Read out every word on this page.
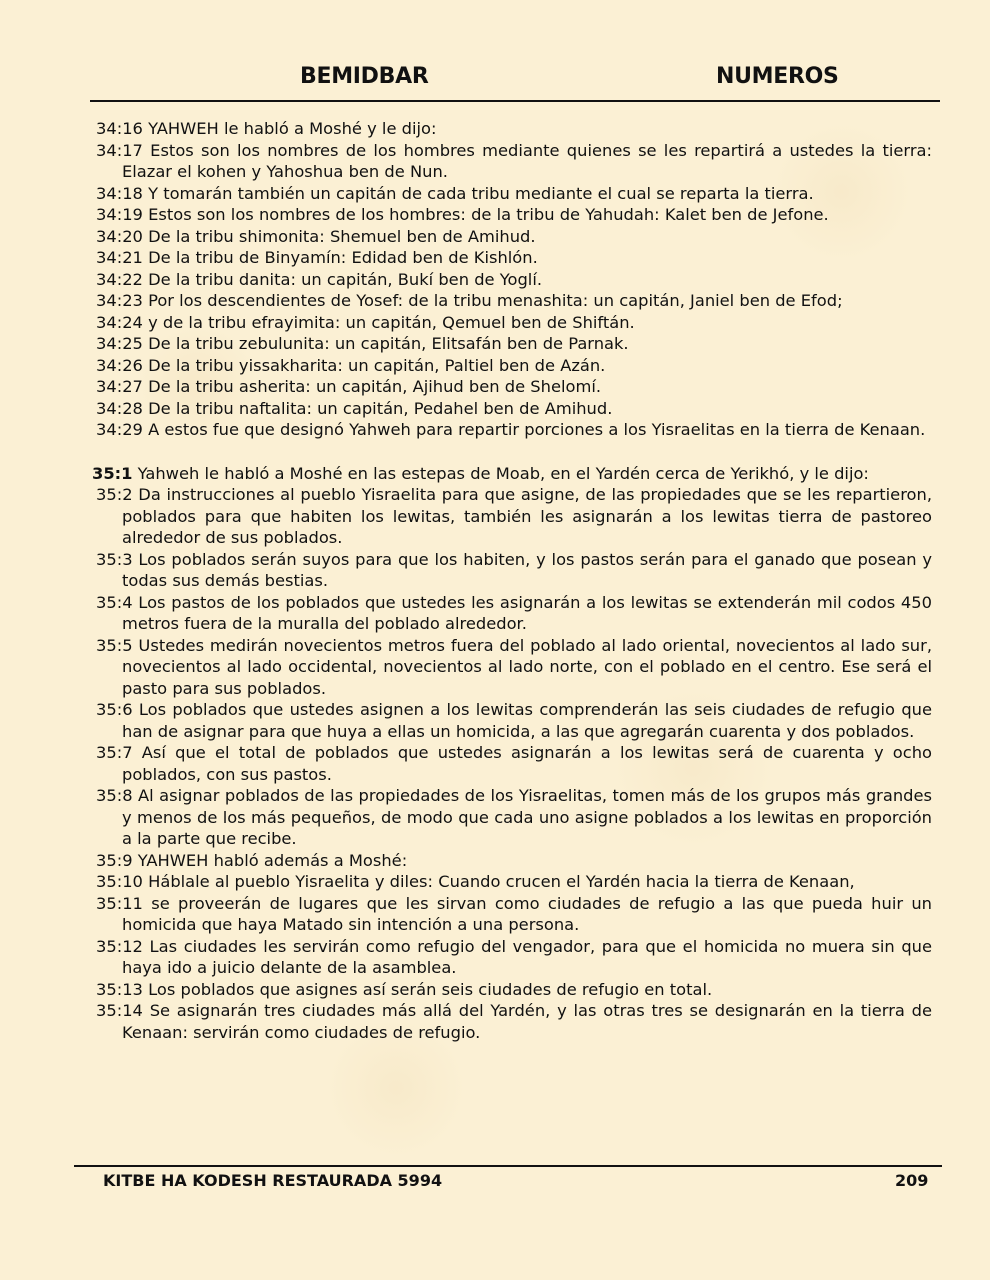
BEMIDBAR	NUMEROS

34:16 YAHWEH le habló a Moshé y le dijo:

34:17 Estos son los nombres de los hombres mediante quienes se les repartirá a ustedes la tierra: Elazar el kohen y Yahoshua ben de Nun.

34:18 Y tomarán también un capitán de cada tribu mediante el cual se reparta la tierra.

34:19 Estos son los nombres de los hombres: de la tribu de Yahudah: Kalet ben de Jefone.

34:20 De la tribu shimonita: Shemuel ben de Amihud.

34:21 De la tribu de Binyamín: Edidad ben de Kishlón.

34:22 De la tribu danita: un capitán, Bukí ben de Yoglí.

34:23 Por los descendientes de Yosef: de la tribu menashita: un capitán, Janiel ben de Efod;

34:24 y de la tribu efrayimita: un capitán, Qemuel ben de Shiftán.

34:25 De la tribu zebulunita: un capitán, Elitsafán ben de Parnak.

34:26 De la tribu yissakharita: un capitán, Paltiel ben de Azán.

34:27 De la tribu asherita: un capitán, Ajihud ben de Shelomí.

34:28 De la tribu naftalita: un capitán, Pedahel ben de Amihud.

34:29 A estos fue que designó Yahweh para repartir porciones a los Yisraelitas en la tierra de Kenaan.

35:1 Yahweh le habló a Moshé en las estepas de Moab, en el Yardén cerca de Yerikhó, y le dijo:

35:2 Da instrucciones al pueblo Yisraelita para que asigne, de las propiedades que se les repartieron, poblados para que habiten los lewitas, también les asignarán a los lewitas tierra de pastoreo alrededor de sus poblados.

35:3 Los poblados serán suyos para que los habiten, y los pastos serán para el ganado que posean y todas sus demás bestias.

35:4 Los pastos de los poblados que ustedes les asignarán a los lewitas se extenderán mil codos 450 metros fuera de la muralla del poblado alrededor.

35:5 Ustedes medirán novecientos metros fuera del poblado al lado oriental, novecientos al lado sur, novecientos al lado occidental, novecientos al lado norte, con el poblado en el centro. Ese será el pasto para sus poblados.

35:6 Los poblados que ustedes asignen a los lewitas comprenderán las seis ciudades de refugio que han de asignar para que huya a ellas un homicida, a las que agregarán cuarenta y dos poblados.

35:7 Así que el total de poblados que ustedes asignarán a los lewitas será de cuarenta y ocho poblados, con sus pastos.

35:8 Al asignar poblados de las propiedades de los Yisraelitas, tomen más de los grupos más grandes y menos de los más pequeños, de modo que cada uno asigne poblados a los lewitas en proporción a la parte que recibe.

35:9 YAHWEH habló además a Moshé:

35:10 Háblale al pueblo Yisraelita y diles: Cuando crucen el Yardén hacia la tierra de Kenaan,

35:11 se proveerán de lugares que les sirvan como ciudades de refugio a las que pueda huir un homicida que haya Matado sin intención a una persona.

35:12 Las ciudades les servirán como refugio del vengador, para que el homicida no muera sin que haya ido a juicio delante de la asamblea.

35:13 Los poblados que asignes así serán seis ciudades de refugio en total.

35:14 Se asignarán tres ciudades más allá del Yardén, y las otras tres se designarán en la tierra de Kenaan: servirán como ciudades de refugio.

KITBE HA KODESH RESTAURADA 5994	209
